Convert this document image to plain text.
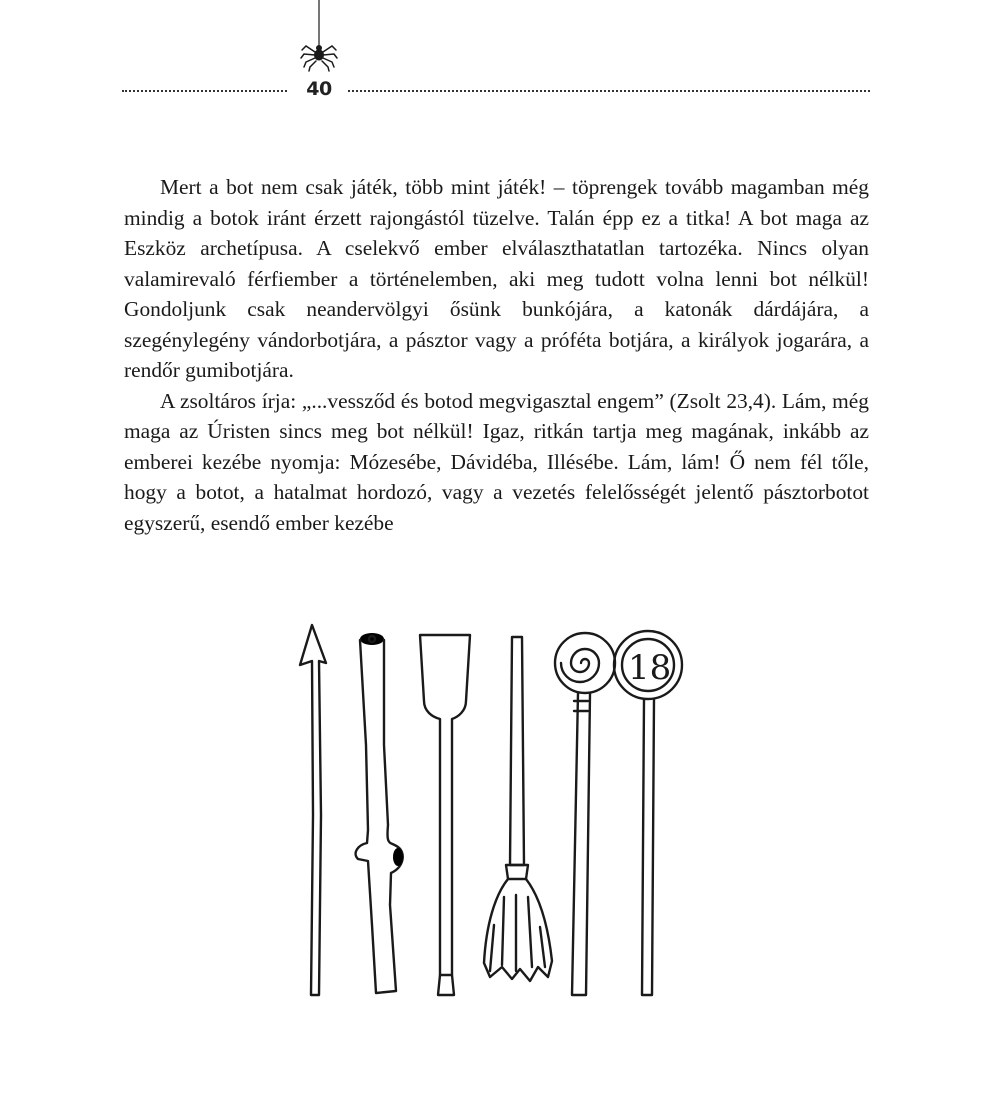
40

Mert a bot nem csak játék, több mint játék! – töprengek tovább magamban még mindig a botok iránt érzett rajongástól tüzelve. Talán épp ez a titka! A bot maga az Eszköz archetípusa. A cselekvő ember elválaszthatatlan tartozéka. Nincs olyan valamirevaló férfiember a történelemben, aki meg tudott volna lenni bot nélkül! Gondoljunk csak neandervölgyi ősünk bunkójára, a katonák dárdájára, a szegénylegény vándorbotjára, a pásztor vagy a próféta botjára, a királyok jogarára, a rendőr gumibotjára.

A zsoltáros írja: „...vessződ és botod megvigasztal engem” (Zsolt 23,4). Lám, még maga az Úristen sincs meg bot nélkül! Igaz, ritkán tartja meg magának, inkább az emberei kezébe nyomja: Mózesébe, Dávidéba, Illésébe. Lám, lám! Ő nem fél tőle, hogy a botot, a hatalmat hordozó, vagy a vezetés felelősségét jelentő pásztorbotot egyszerű, esendő ember kezébe

18
